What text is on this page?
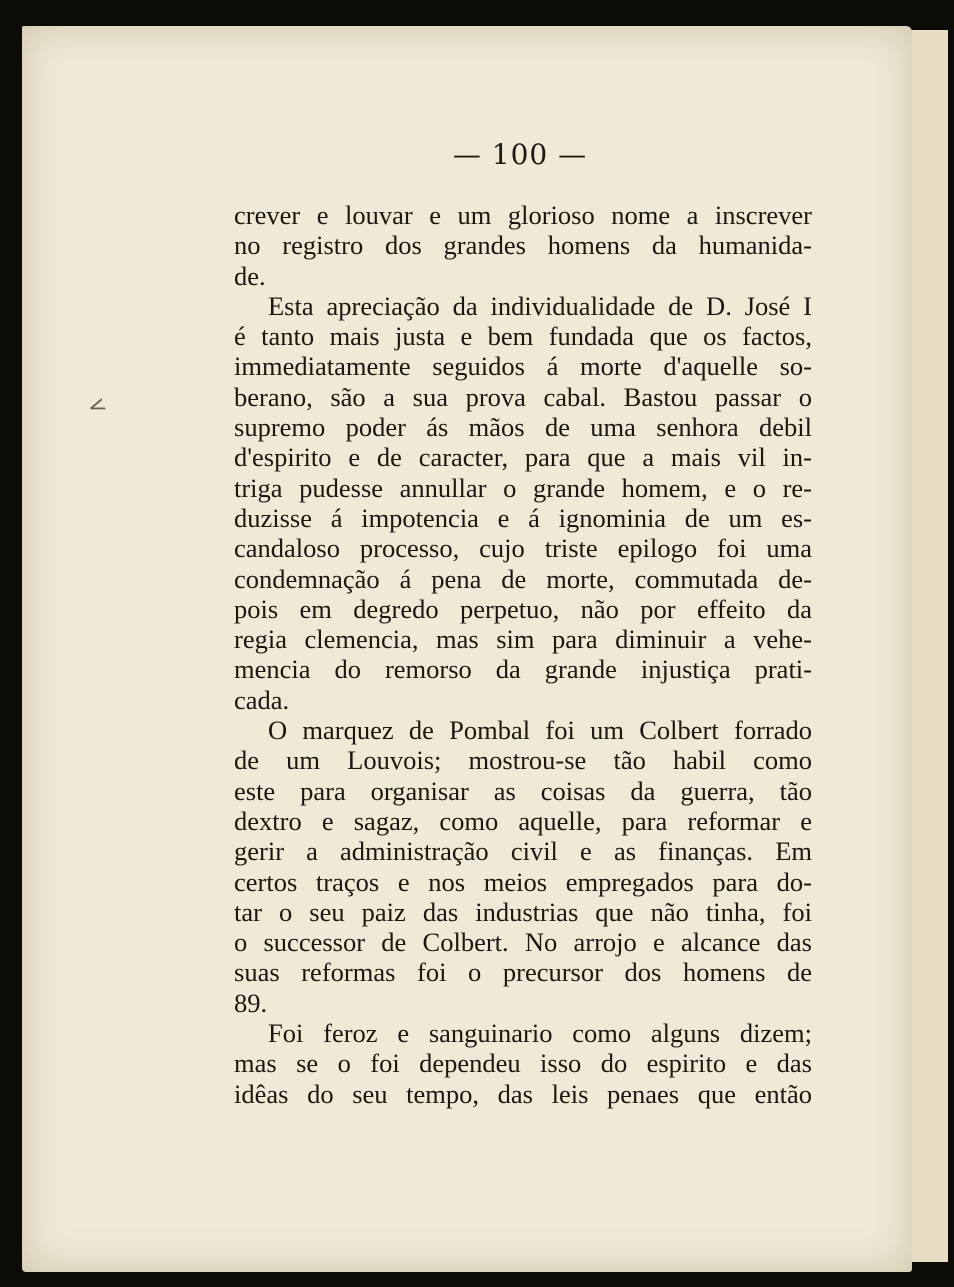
<
— 100 —
crever e louvar e um glorioso nome a inscrever
no registro dos grandes homens da humanida-
de.
Esta apreciação da individualidade de D. José I
é tanto mais justa e bem fundada que os factos,
immediatamente seguidos á morte d'aquelle so-
berano, são a sua prova cabal. Bastou passar o
supremo poder ás mãos de uma senhora debil
d'espirito e de caracter, para que a mais vil in-
triga pudesse annullar o grande homem, e o re-
duzisse á impotencia e á ignominia de um es-
candaloso processo, cujo triste epilogo foi uma
condemnação á pena de morte, commutada de-
pois em degredo perpetuo, não por effeito da
regia clemencia, mas sim para diminuir a vehe-
mencia do remorso da grande injustiça prati-
cada.
O marquez de Pombal foi um Colbert forrado
de um Louvois; mostrou-se tão habil como
este para organisar as coisas da guerra, tão
dextro e sagaz, como aquelle, para reformar e
gerir a administração civil e as finanças. Em
certos traços e nos meios empregados para do-
tar o seu paiz das industrias que não tinha, foi
o successor de Colbert. No arrojo e alcance das
suas reformas foi o precursor dos homens de
89.
Foi feroz e sanguinario como alguns dizem;
mas se o foi dependeu isso do espirito e das
idêas do seu tempo, das leis penaes que então
